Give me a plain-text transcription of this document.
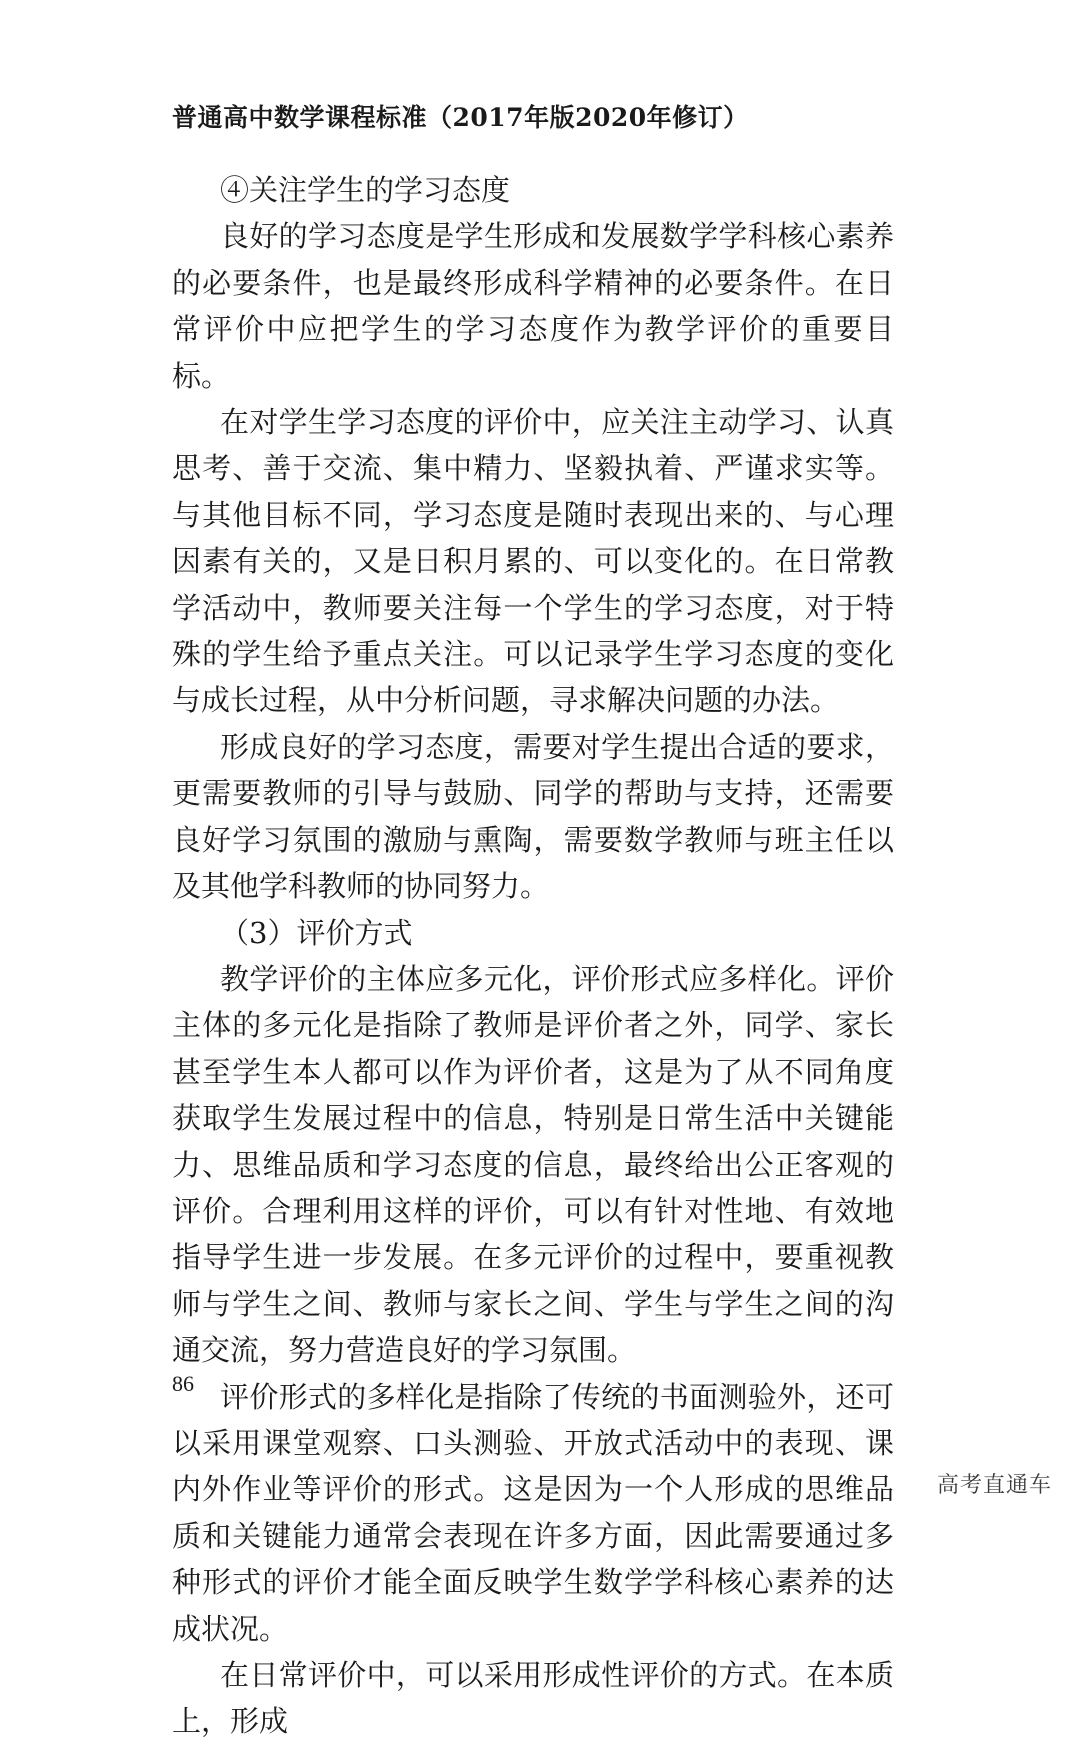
普通高中数学课程标准（2017年版2020年修订）

④关注学生的学习态度

良好的学习态度是学生形成和发展数学学科核心素养的必要条件，也是最终形成科学精神的必要条件。在日常评价中应把学生的学习态度作为教学评价的重要目标。

在对学生学习态度的评价中，应关注主动学习、认真思考、善于交流、集中精力、坚毅执着、严谨求实等。与其他目标不同，学习态度是随时表现出来的、与心理因素有关的，又是日积月累的、可以变化的。在日常教学活动中，教师要关注每一个学生的学习态度，对于特殊的学生给予重点关注。可以记录学生学习态度的变化与成长过程，从中分析问题，寻求解决问题的办法。

形成良好的学习态度，需要对学生提出合适的要求，更需要教师的引导与鼓励、同学的帮助与支持，还需要良好学习氛围的激励与熏陶，需要数学教师与班主任以及其他学科教师的协同努力。

（3）评价方式

教学评价的主体应多元化，评价形式应多样化。评价主体的多元化是指除了教师是评价者之外，同学、家长甚至学生本人都可以作为评价者，这是为了从不同角度获取学生发展过程中的信息，特别是日常生活中关键能力、思维品质和学习态度的信息，最终给出公正客观的评价。合理利用这样的评价，可以有针对性地、有效地指导学生进一步发展。在多元评价的过程中，要重视教师与学生之间、教师与家长之间、学生与学生之间的沟通交流，努力营造良好的学习氛围。

评价形式的多样化是指除了传统的书面测验外，还可以采用课堂观察、口头测验、开放式活动中的表现、课内外作业等评价的形式。这是因为一个人形成的思维品质和关键能力通常会表现在许多方面，因此需要通过多种形式的评价才能全面反映学生数学学科核心素养的达成状况。

在日常评价中，可以采用形成性评价的方式。在本质上，形成

86
高考直通车
